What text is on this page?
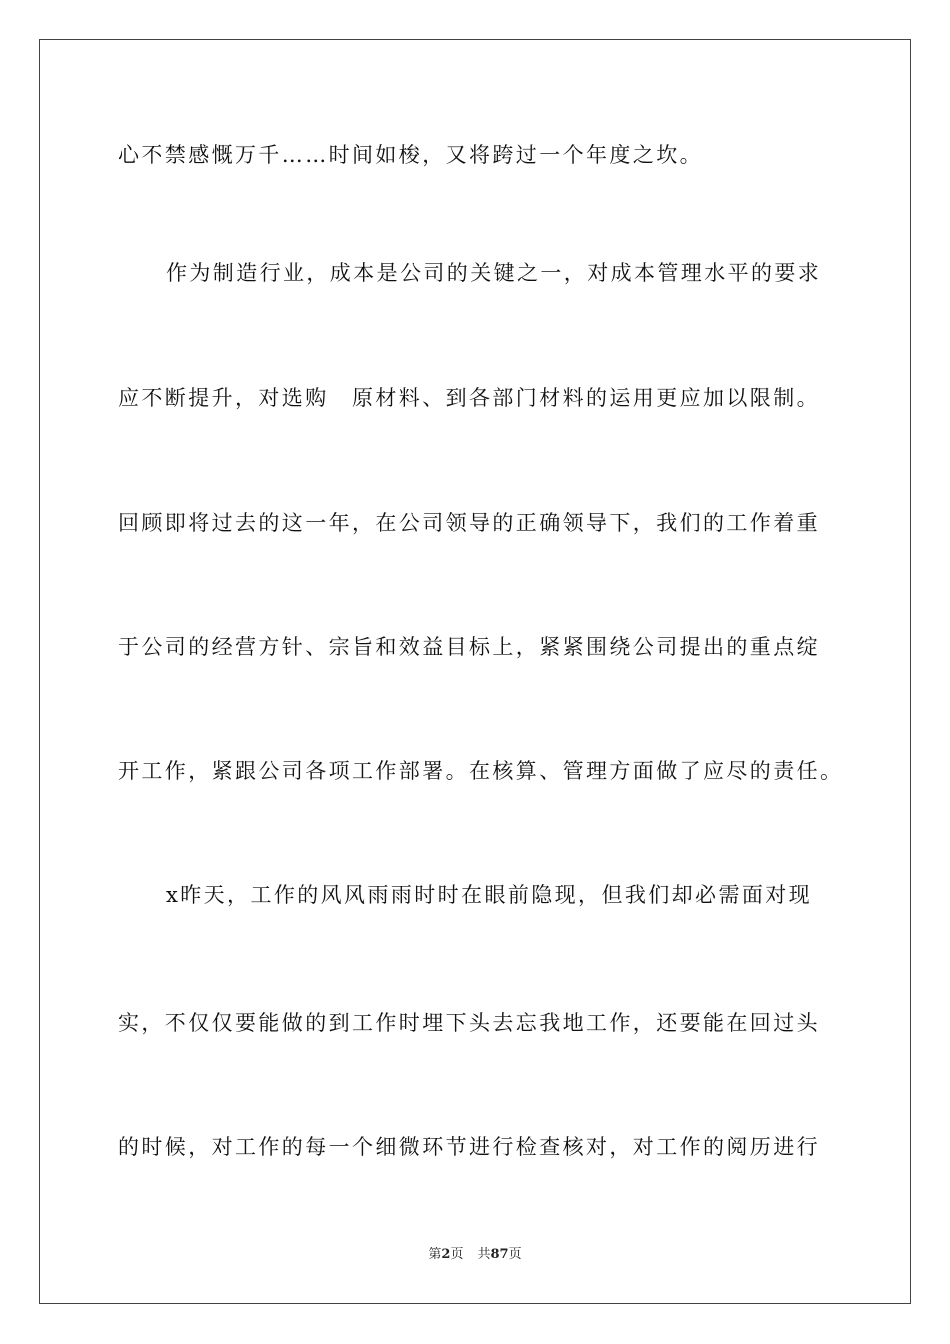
心不禁感慨万千……时间如梭，又将跨过一个年度之坎。
作为制造行业，成本是公司的关键之一，对成本管理水平的要求
应不断提升，对选购　原材料、到各部门材料的运用更应加以限制。
回顾即将过去的这一年，在公司领导的正确领导下，我们的工作着重
于公司的经营方针、宗旨和效益目标上，紧紧围绕公司提出的重点绽
开工作，紧跟公司各项工作部署。在核算、管理方面做了应尽的责任。
x昨天，工作的风风雨雨时时在眼前隐现，但我们却必需面对现
实，不仅仅要能做的到工作时埋下头去忘我地工作，还要能在回过头
的时候，对工作的每一个细微环节进行检查核对，对工作的阅历进行
第2页 共87页
